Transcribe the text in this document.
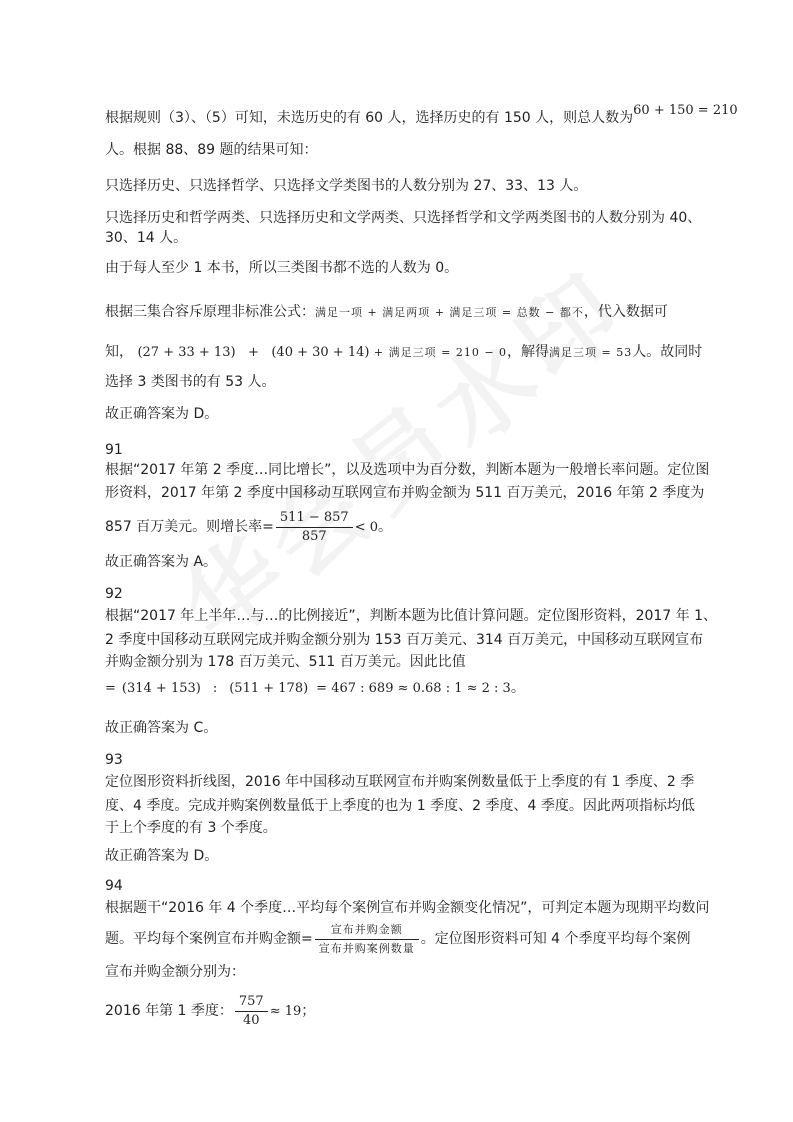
根据规则（3）、（5）可知，未选历史的有 60 人，选择历史的有 150 人，则总人数为60 + 150 = 210
人。根据 88、89 题的结果可知：
只选择历史、只选择哲学、只选择文学类图书的人数分别为 27、33、13 人。
只选择历史和哲学两类、只选择历史和文学两类、只选择哲学和文学两类图书的人数分别为 40、
30、14 人。
由于每人至少 1 本书，所以三类图书都不选的人数为 0。
根据三集合容斥原理非标准公式：满足一项 + 满足两项 + 满足三项 = 总数 − 都不，代入数据可
知， (27 + 33 + 13) + (40 + 30 + 14) + 满足三项 = 210 − 0，解得满足三项 = 53人。故同时
选择 3 类图书的有 53 人。
故正确答案为 D。
91
根据“2017 年第 2 季度…同比增长”，以及选项中为百分数，判断本题为一般增长率问题。定位图
形资料，2017 年第 2 季度中国移动互联网宣布并购金额为 511 百万美元，2016 年第 2 季度为
857 百万美元。则增长率= $\frac{511 - 857}{857} < 0$。
故正确答案为 A。
92
根据“2017 年上半年…与…的比例接近”，判断本题为比值计算问题。定位图形资料，2017 年 1、
2 季度中国移动互联网完成并购金额分别为 153 百万美元、314 百万美元，中国移动互联网宣布
并购金额分别为 178 百万美元、511 百万美元。因此比值
= (314 + 153) : (511 + 178) = 467 : 689 ≈ 0.68 : 1 ≈ 2 : 3。
故正确答案为 C。
93
定位图形资料折线图，2016 年中国移动互联网宣布并购案例数量低于上季度的有 1 季度、2 季
度、4 季度。完成并购案例数量低于上季度的也为 1 季度、2 季度、4 季度。因此两项指标均低
于上个季度的有 3 个季度。
故正确答案为 D。
94
根据题干“2016 年 4 个季度…平均每个案例宣布并购金额变化情况”，可判定本题为现期平均数问
题。平均每个案例宣布并购金额= $\frac{\text{宣布并购金额}}{\text{宣布并购案例数量}}$ 。定位图形资料可知 4 个季度平均每个案例
宣布并购金额分别为：
2016 年第 1 季度： $\frac{757}{40} \approx 19$；
